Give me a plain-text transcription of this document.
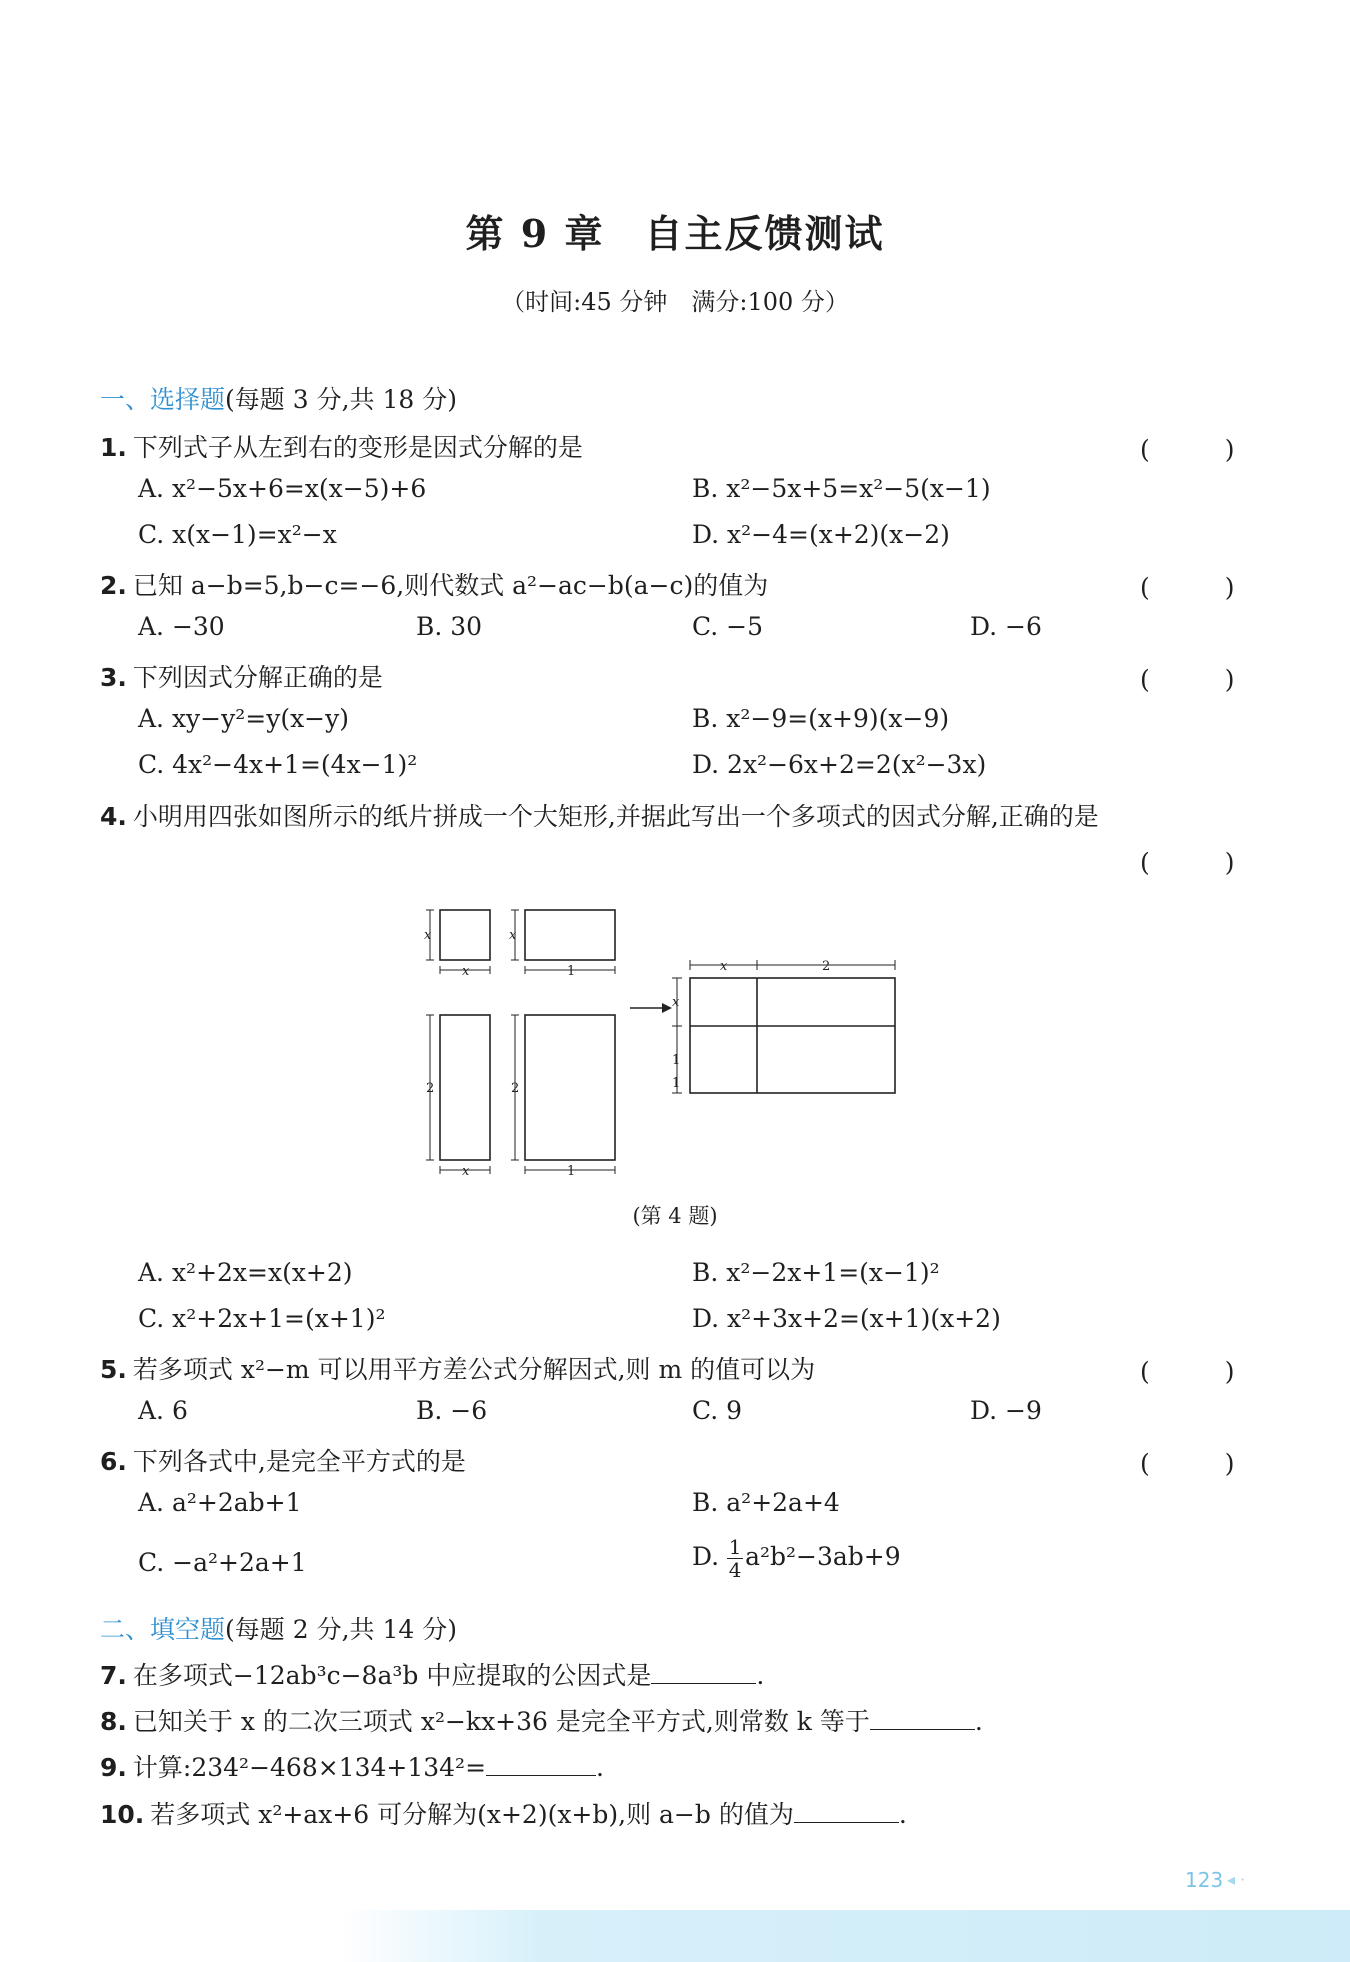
第 9 章　自主反馈测试
（时间:45 分钟　满分:100 分）
一、选择题(每题 3 分,共 18 分)
1. 下列式子从左到右的变形是因式分解的是	(　　　)
A. x²−5x+6=x(x−5)+6	B. x²−5x+5=x²−5(x−1)
C. x(x−1)=x²−x	D. x²−4=(x+2)(x−2)
2. 已知 a−b=5,b−c=−6,则代数式 a²−ac−b(a−c)的值为	(　　　)
A. −30	B. 30	C. −5	D. −6
3. 下列因式分解正确的是	(　　　)
A. xy−y²=y(x−y)	B. x²−9=(x+9)(x−9)
C. 4x²−4x+1=(4x−1)²	D. 2x²−6x+2=2(x²−3x)
4. 小明用四张如图所示的纸片拼成一个大矩形,并据此写出一个多项式的因式分解,正确的是
(　　　)
x
x
x
x
x
x
1
1
1
1
2	2
2
(第 4 题)
A. x²+2x=x(x+2)	B. x²−2x+1=(x−1)²
C. x²+2x+1=(x+1)²	D. x²+3x+2=(x+1)(x+2)
5. 若多项式 x²−m 可以用平方差公式分解因式,则 m 的值可以为	(　　　)
A. 6	B. −6	C. 9	D. −9
6. 下列各式中,是完全平方式的是	(　　　)
A. a²+2ab+1	B. a²+2a+4
C. −a²+2a+1	D. $\frac{1}{4} a^2b^2-3ab+9$
二、填空题(每题 2 分,共 14 分)
7. 在多项式−12ab³c−8a³b 中应提取的公因式是	.
8. 已知关于 x 的二次三项式 x²−kx+36 是完全平方式,则常数 k 等于	.
9. 计算:234²−468×134+134²=	.
10. 若多项式 x²+ax+6 可分解为(x+2)(x+b),则 a−b 的值为	.
123 ◂ ·
